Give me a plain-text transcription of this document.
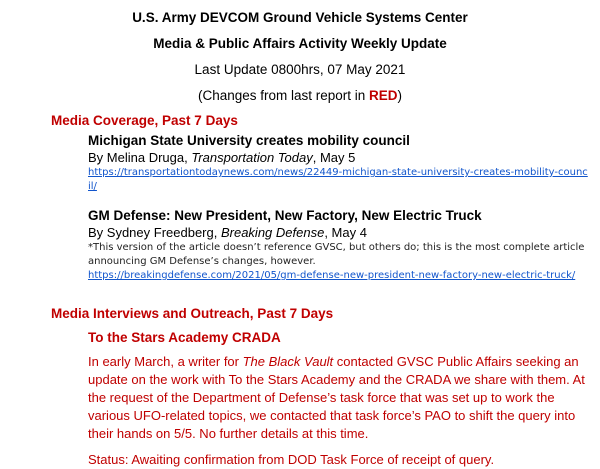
U.S. Army DEVCOM Ground Vehicle Systems Center
Media & Public Affairs Activity Weekly Update
Last Update 0800hrs, 07 May 2021
(Changes from last report in RED)
Media Coverage, Past 7 Days
Michigan State University creates mobility council
By Melina Druga, Transportation Today, May 5
https://transportationtodaynews.com/news/22449-michigan-state-university-creates-mobility-council/
GM Defense: New President, New Factory, New Electric Truck
By Sydney Freedberg, Breaking Defense, May 4
*This version of the article doesn’t reference GVSC, but others do; this is the most complete article announcing GM Defense’s changes, however.
https://breakingdefense.com/2021/05/gm-defense-new-president-new-factory-new-electric-truck/
Media Interviews and Outreach, Past 7 Days
To the Stars Academy CRADA
In early March, a writer for The Black Vault contacted GVSC Public Affairs seeking an update on the work with To the Stars Academy and the CRADA we share with them. At the request of the Department of Defense’s task force that was set up to work the various UFO-related topics, we contacted that task force’s PAO to shift the query into their hands on 5/5. No further details at this time.
Status: Awaiting confirmation from DOD Task Force of receipt of query.
